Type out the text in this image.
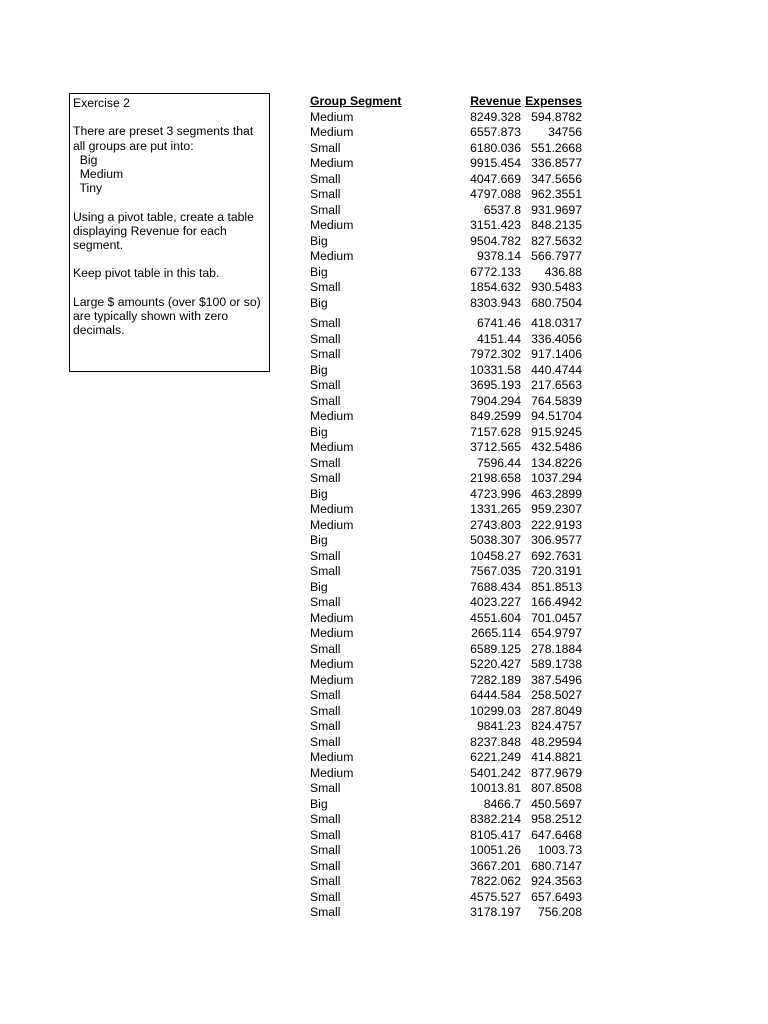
Exercise 2
There are preset 3 segments that
all groups are put into:
Big
Medium
Tiny
Using a pivot table, create a table
displaying Revenue for each
segment.
Keep pivot table in this tab.
Large $ amounts (over $100 or so)
are typically shown with zero
decimals.
Group Segment	Revenue Expenses
Medium	8249.328 594.8782
Medium	6557.873	34756
Small	6180.036 551.2668
Medium	9915.454 336.8577
Small	4047.669 347.5656
Small	4797.088 962.3551
Small	6537.8 931.9697
Medium	3151.423 848.2135
Big	9504.782 827.5632
Medium	9378.14 566.7977
Big	6772.133	436.88
Small	1854.632 930.5483
Big	8303.943 680.7504
Small	6741.46 418.0317
Small	4151.44 336.4056
Small	7972.302 917.1406
Big	10331.58 440.4744
Small	3695.193 217.6563
Small	7904.294 764.5839
Medium	849.2599 94.51704
Big	7157.628 915.9245
Medium	3712.565 432.5486
Small	7596.44 134.8226
Small	2198.658 1037.294
Big	4723.996 463.2899
Medium	1331.265 959.2307
Medium	2743.803 222.9193
Big	5038.307 306.9577
Small	10458.27 692.7631
Small	7567.035 720.3191
Big	7688.434 851.8513
Small	4023.227 166.4942
Medium	4551.604 701.0457
Medium	2665.114 654.9797
Small	6589.125 278.1884
Medium	5220.427 589.1738
Medium	7282.189 387.5496
Small	6444.584 258.5027
Small	10299.03 287.8049
Small	9841.23 824.4757
Small	8237.848 48.29594
Medium	6221.249 414.8821
Medium	5401.242 877.9679
Small	10013.81 807.8508
Big	8466.7 450.5697
Small	8382.214 958.2512
Small	8105.417 647.6468
Small	10051.26	1003.73
Small	3667.201 680.7147
Small	7822.062 924.3563
Small	4575.527 657.6493
Small	3178.197	756.208
